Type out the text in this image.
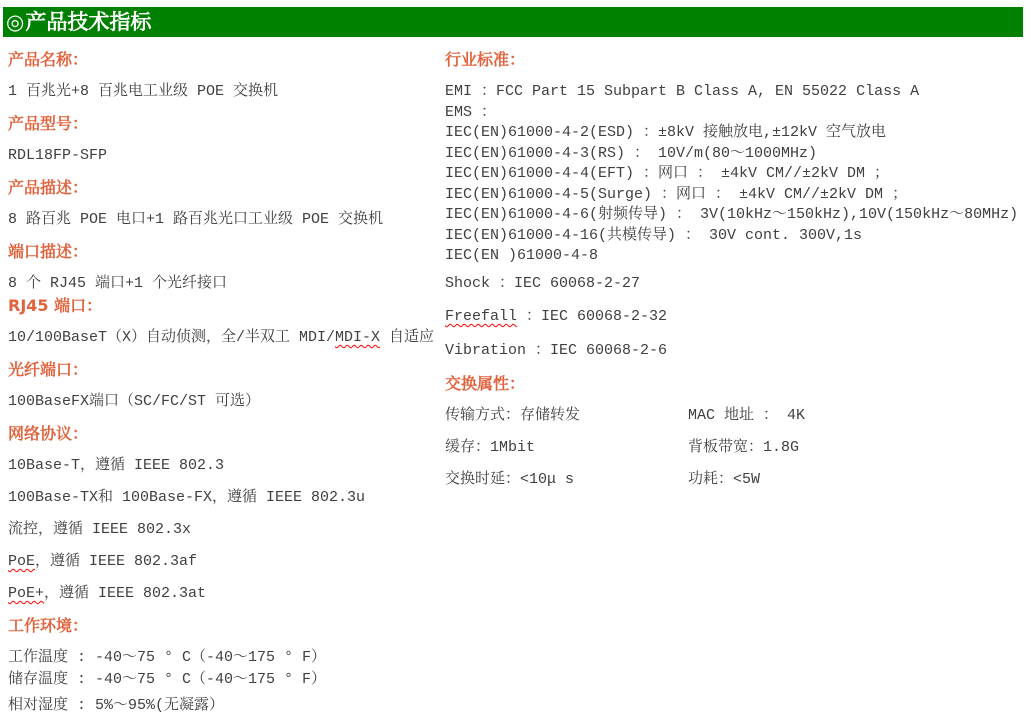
◎产品技术指标
产品名称：

1 百兆光+8 百兆电工业级 POE 交换机

产品型号：

RDL18FP-SFP

产品描述：

8 路百兆 POE 电口+1 路百兆光口工业级 POE 交换机

端口描述：

8 个 RJ45 端口+1 个光纤接口

RJ45 端口：

10/100BaseT（X）自动侦测，全/半双工 MDI/MDI-X 自适应

光纤端口：

100BaseFX端口（SC/FC/ST 可选）

网络协议：

10Base-T，遵循 IEEE 802.3

100Base-TX和 100Base-FX，遵循 IEEE 802.3u

流控，遵循 IEEE 802.3x

PoE，遵循 IEEE 802.3af

PoE+，遵循 IEEE 802.3at

工作环境：

工作温度 : -40～75 ° C（-40～175 ° F）

储存温度 : -40～75 ° C（-40～175 ° F）

相对湿度 : 5%～95%(无凝露）

行业标准：

EMI ：FCC Part 15 Subpart B Class A, EN 55022 Class A

EMS ：

IEC(EN)61000-4-2(ESD) ：±8kV 接触放电,±12kV 空气放电

IEC(EN)61000-4-3(RS) ： 10V/m(80～1000MHz)

IEC(EN)61000-4-4(EFT) ：网口 ： ±4kV CM//±2kV DM ；

IEC(EN)61000-4-5(Surge) ：网口 ： ±4kV CM//±2kV DM ；

IEC(EN)61000-4-6(射频传导) ： 3V(10kHz～150kHz),10V(150kHz～80MHz)

IEC(EN)61000-4-16(共模传导) ： 30V cont. 300V,1s

IEC(EN )61000-4-8

Shock ：IEC 60068-2-27

Freefall ：IEC 60068-2-32

Vibration ：IEC 60068-2-6

交换属性：
传输方式：存储转发	MAC 地址 ： 4K
缓存：1Mbit	背板带宽：1.8G
交换时延：<10μ s	功耗：<5W
